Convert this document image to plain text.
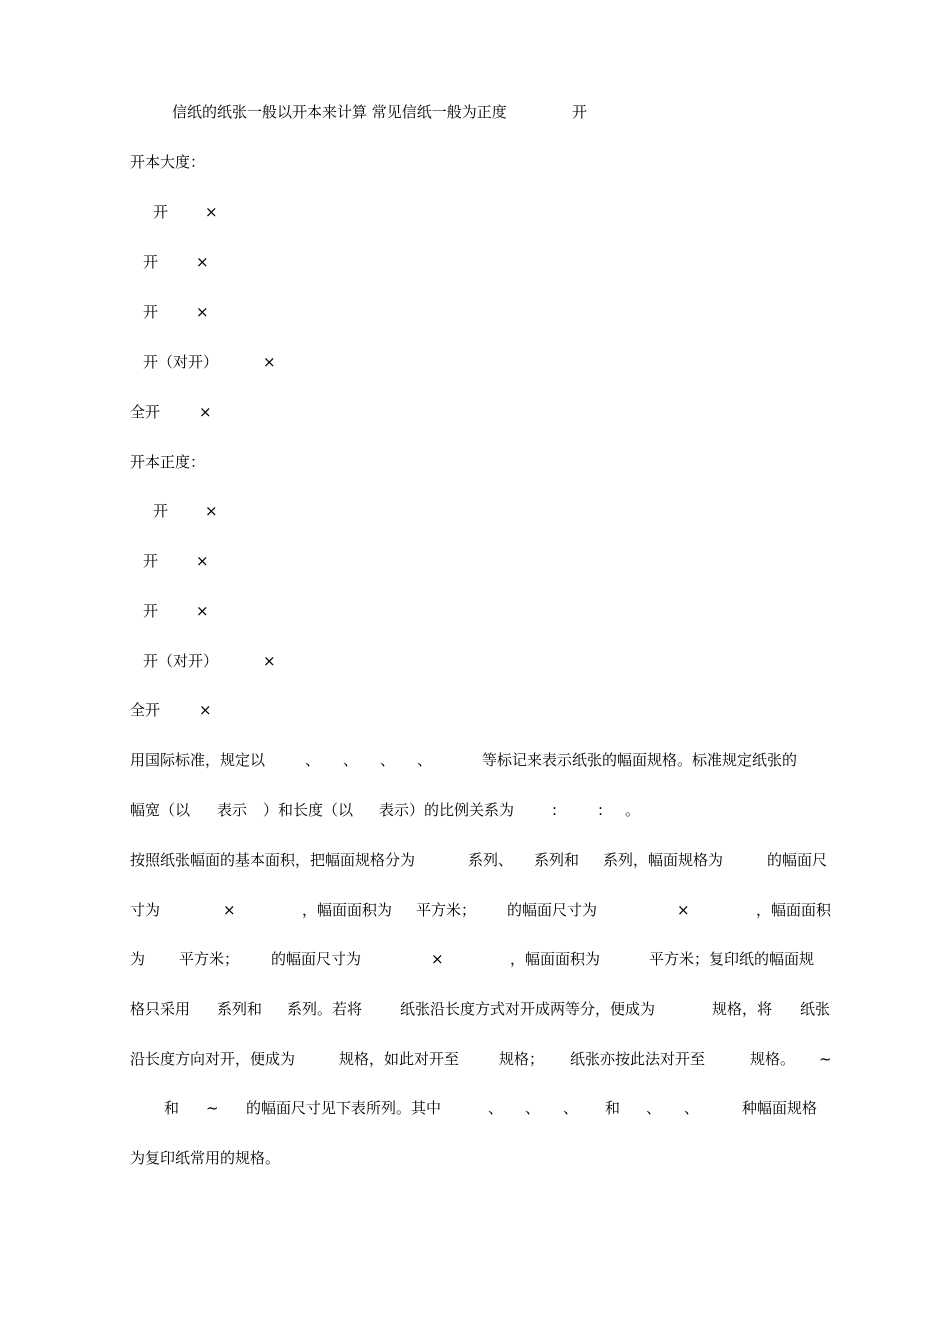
信纸的纸张一般以开本来计算 常见信纸一般为正度	开
开本大度：
开 ×
开	×
开	×
开（对开）	×
全开	×
开本正度：
开 ×
开	×
开	×
开（对开）	×
全开	×
用国际标准，规定以	、 、 、 、	等标记来表示纸张的幅面规格。标准规定纸张的
幅宽（以 表示 ）和长度（以 表示）的比例关系为	:	: 。
按照纸张幅面的基本面积，把幅面规格分为	系列、 系列和 系列，幅面规格为	的幅面尺
寸为	×	，幅面面积为 平方米； 的幅面尺寸为	×	，幅面面积
为 平方米； 的幅面尺寸为	×	，幅面面积为	平方米；复印纸的幅面规
格只采用 系列和 系列。若将	纸张沿长度方式对开成两等分，便成为	规格，将 纸张
沿长度方向对开，便成为	规格，如此对开至	规格； 纸张亦按此法对开至	规格。 ~
和 ~ 的幅面尺寸见下表所列。其中	、 、 、 和 、 、	种幅面规格
为复印纸常用的规格。
